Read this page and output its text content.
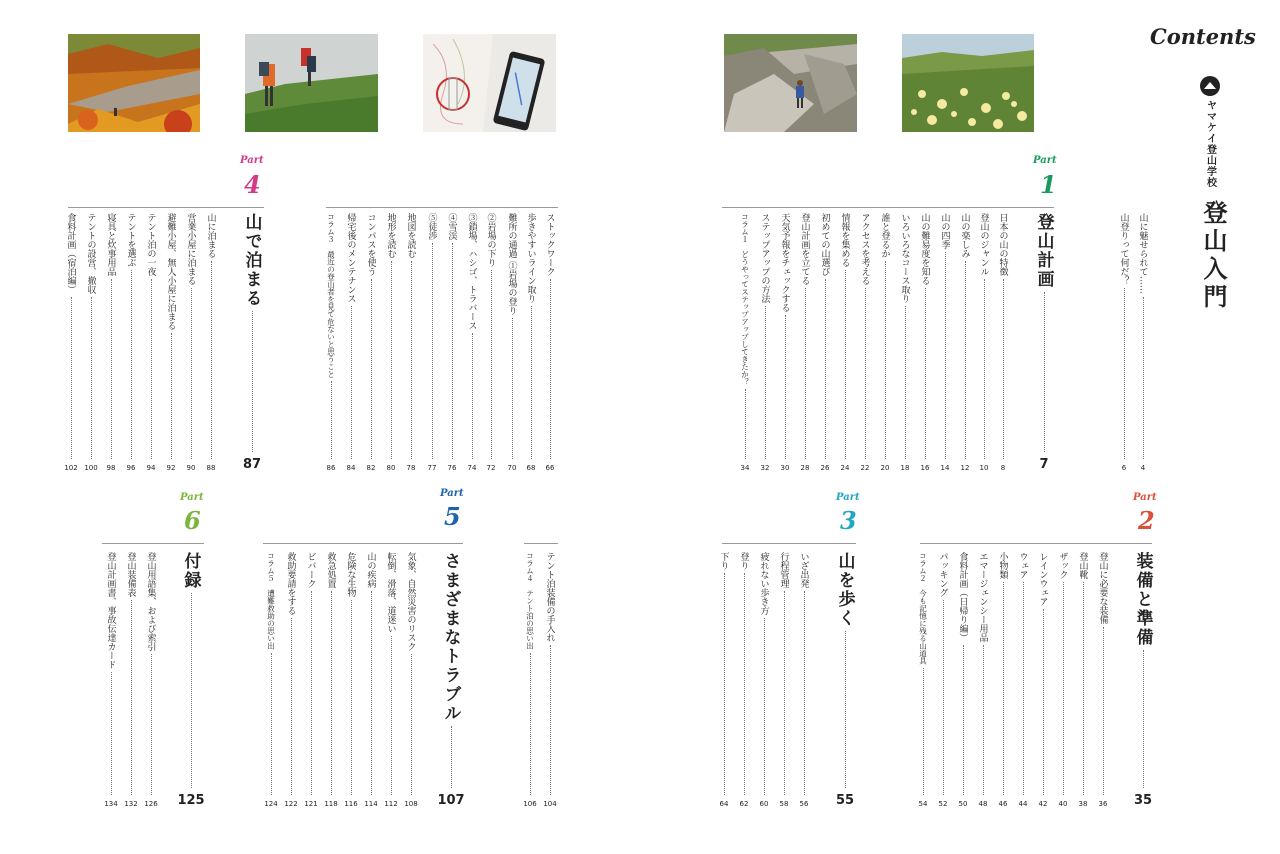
Contents
ヤマケイ登山学校
登山入門
Part
1
Part
2
Part
3
Part
4
Part
5
Part
6
山に魅せられて……
4
山登りって何だ？
6
登山計画
7
日本の山の特徴
8
登山のジャンル
10
山の楽しみ
12
山の四季
14
山の難易度を知る
16
いろいろなコース取り
18
誰と登るか
20
アクセスを考える
22
情報を集める
24
初めての山選び
26
登山計画を立てる
28
天気予報をチェックする
30
ステップアップの方法
32
コラム１　どうやってステップアップしてきたか？
34
ストックワーク
66
歩きやすいライン取り
68
難所の通過 ①岩場の登り
70
②岩場の下り
72
③鎖場、ハシゴ、トラバース
74
④雪渓
76
⑤徒渉
77
地図を読む
78
地形を読む
80
コンパスを使う
82
帰宅後のメンテナンス
84
コラム３　最近の登山者を見て危ないと思うこと
86
山で泊まる
87
山に泊まる
88
営業小屋に泊まる
90
避難小屋、無人小屋に泊まる
92
テント泊の一夜
94
テントを選ぶ
96
寝具と炊事用品
98
テントの設営、撤収
100
食料計画（宿泊編）
102
装備と準備
35
登山に必要な装備
36
登山靴
38
ザック
40
レインウェア
42
ウェア
44
小物類
46
エマージェンシー用品
48
食料計画（日帰り編）
50
パッキング
52
コラム２　今も記憶に残る山道具
54
山を歩く
55
いざ出発
56
行程管理
58
疲れない歩き方
60
登り
62
下り
64
テント泊装備の手入れ
104
コラム４　テント泊の思い出
106
さまざまなトラブル
107
気象、自然災害のリスク
108
転倒、滑落、道迷い
112
山の疾病
114
危険な生物
116
救急処置
118
ビバーク
121
救助要請をする
122
コラム５　遭難救助の思い出
124
付録
125
登山用語集、および索引
126
登山装備表
132
登山計画書、事故伝達カード
134
